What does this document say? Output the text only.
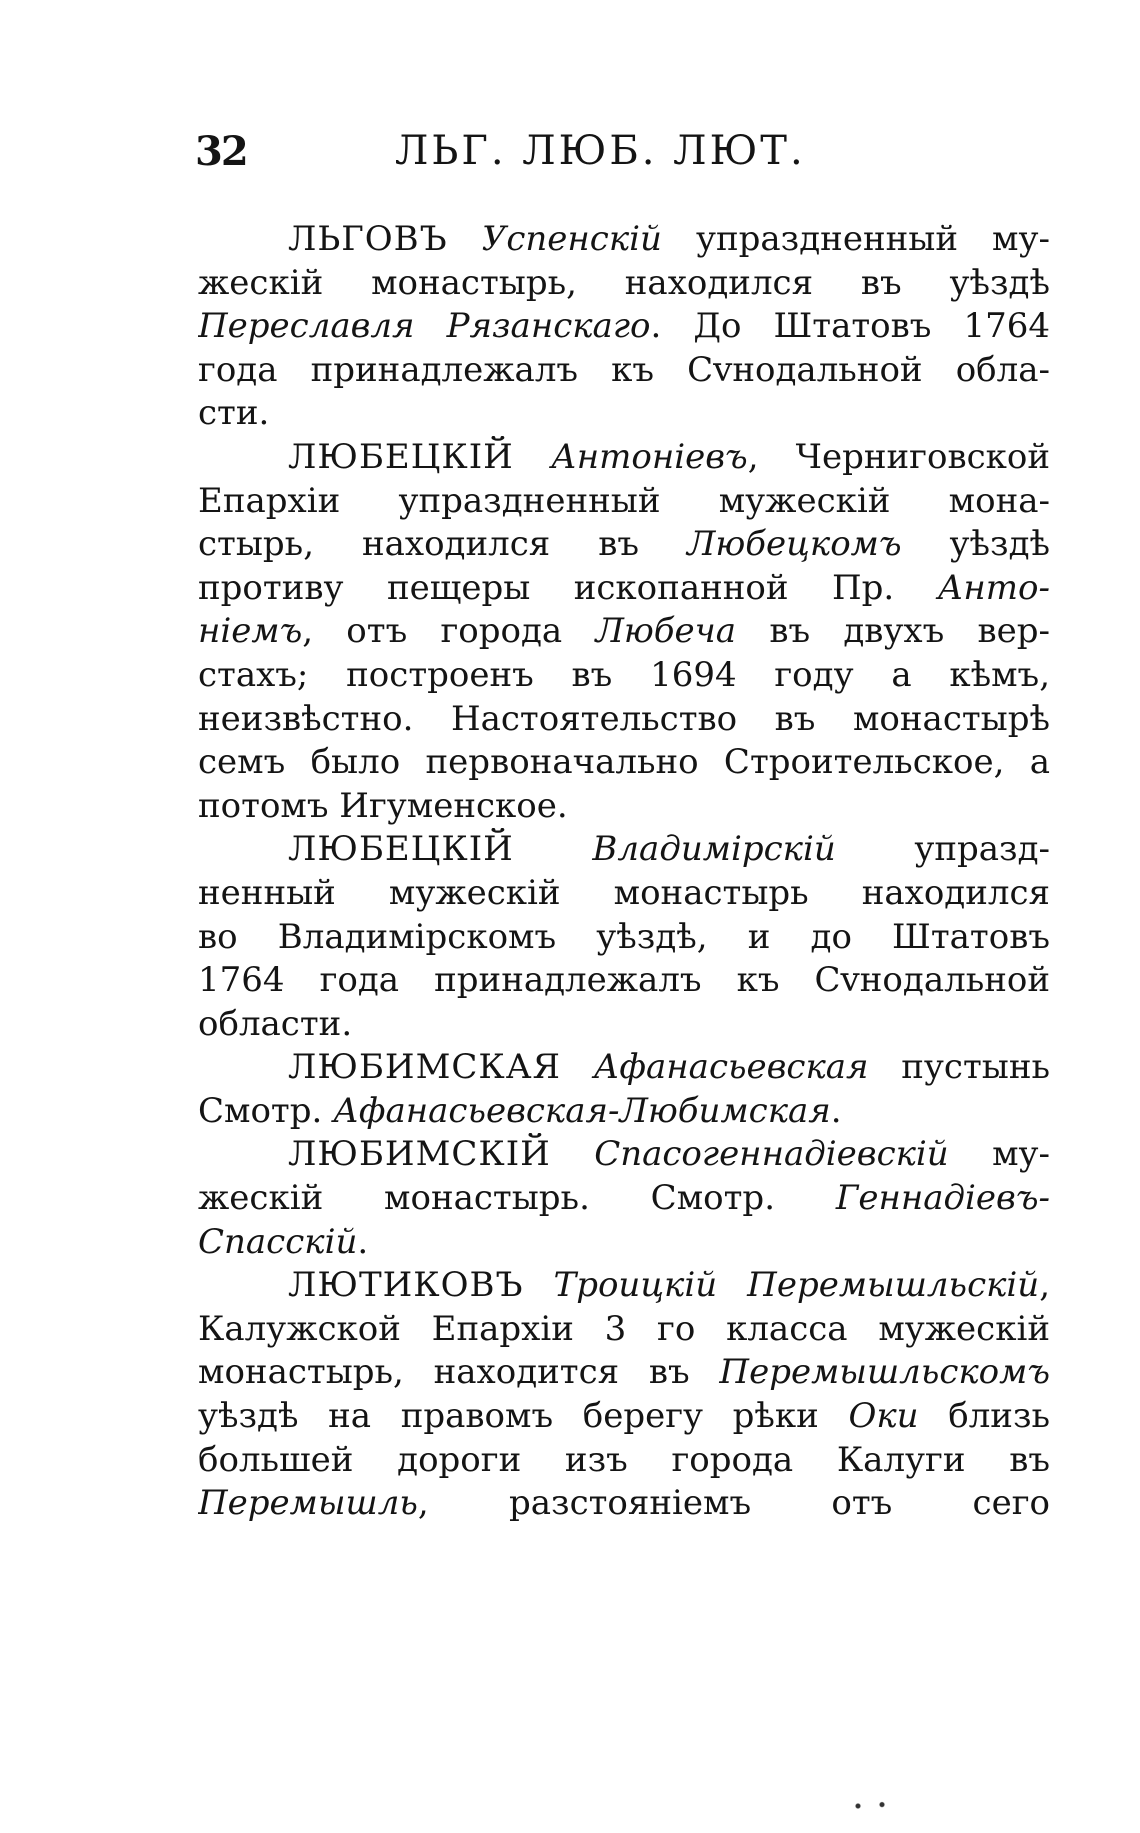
32	ЛЬГ. ЛЮБ. ЛЮТ.
ЛЬГОВЪ Успенскiй упраздненный му-
жескiй монастырь, находился въ уѣздѣ
Переславля Рязанскаго. До Штатовъ 1764
года принадлежалъ къ Сvнодальной обла-
сти.
ЛЮБЕЦКIЙ Антонiевъ, Черниговской
Епархiи упраздненный мужескiй мона-
стырь, находился въ Любецкомъ уѣздѣ
противу пещеры ископанной Пр. Анто-
нiемъ, отъ города Любеча въ двухъ вер-
стахъ; построенъ въ 1694 году а кѣмъ,
неизвѣстно. Настоятельство въ монастырѣ
семъ было первоначально Строительское, а
потомъ Игуменское.
ЛЮБЕЦКIЙ Владимiрскiй упразд-
ненный мужескiй монастырь находился
во Владимiрскомъ уѣздѣ, и до Штатовъ
1764 года принадлежалъ къ Сvнодальной
области.
ЛЮБИМСКАЯ Афанасьевская пустынь
Смотр. Афанасьевская-Любимская.
ЛЮБИМСКIЙ Спасогеннадiевскiй му-
жескiй монастырь. Смотр. Геннадiевъ-
Спасскiй.
ЛЮТИКОВЪ Троицкiй Перемышльскiй,
Калужской Епархiи 3 го класса мужескiй
монастырь, находится въ Перемышльскомъ
уѣздѣ на правомъ берегу рѣки Оки близь
большей дороги изъ города Калуги въ
Перемышль, разстоянiемъ отъ сего
